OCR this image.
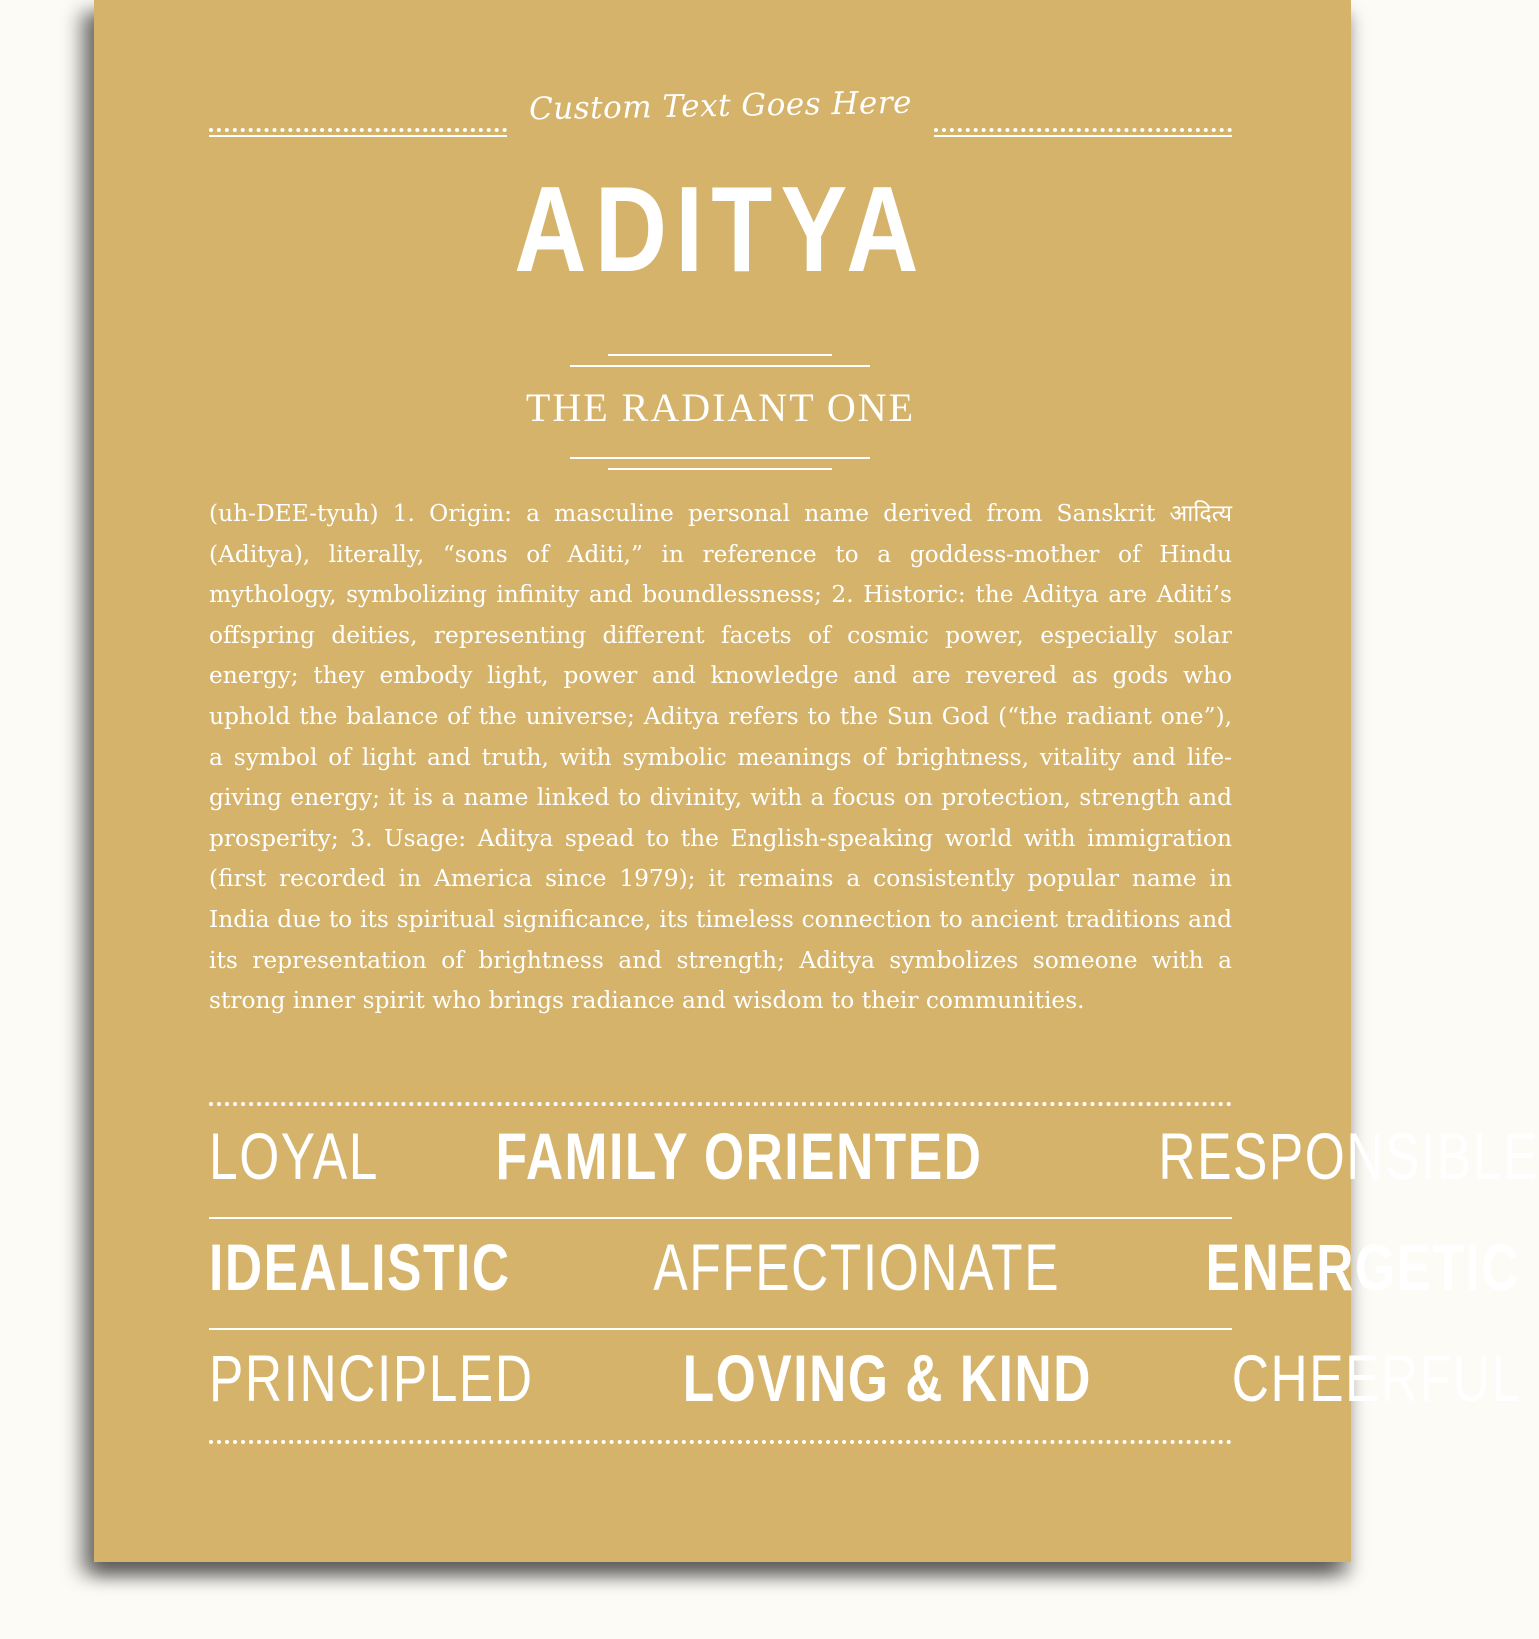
Custom Text Goes Here
ADITYA
THE RADIANT ONE
(uh-DEE-tyuh) 1. Origin: a masculine personal name derived from Sanskrit आदित्य (Aditya), literally, “sons of Aditi,” in reference to a goddess-mother of Hindu mythology, symbolizing infinity and boundlessness; 2. Historic: the Aditya are Aditi’s offspring deities, representing different facets of cosmic power, especially solar energy; they embody light, power and knowledge and are revered as gods who uphold the balance of the universe; Aditya refers to the Sun God (“the radiant one”), a symbol of light and truth, with symbolic meanings of brightness, vitality and life-giving energy; it is a name linked to divinity, with a focus on protection, strength and prosperity; 3. Usage: Aditya spead to the English-speaking world with immigration (first recorded in America since 1979); it remains a consistently popular name in India due to its spiritual significance, its timeless connection to ancient traditions and its representation of brightness and strength; Aditya symbolizes someone with a strong inner spirit who brings radiance and wisdom to their communities.
LOYAL FAMILY ORIENTED	RESPONSIBLE
IDEALISTIC AFFECTIONATE ENERGETIC
PRINCIPLED LOVING & KIND CHEERFUL
